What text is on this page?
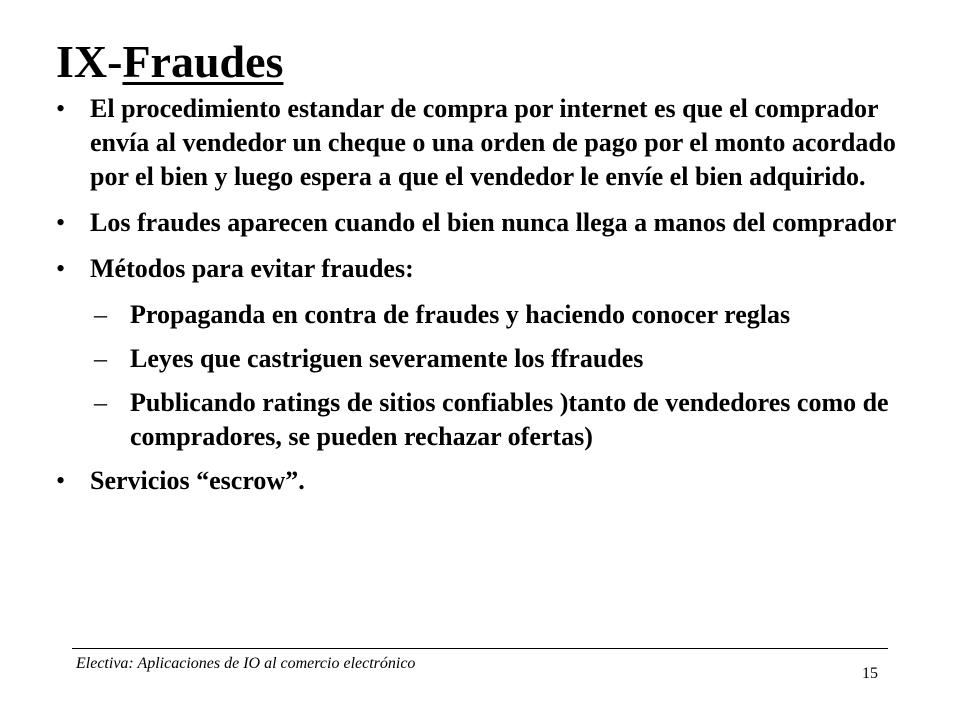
IX-Fraudes
• El procedimiento estandar de compra por internet es que el comprador envía al vendedor un cheque o una orden de pago por el monto acordado por el bien y luego espera a que el vendedor le envíe el bien adquirido.
• Los fraudes aparecen cuando el bien nunca llega a manos del comprador
• Métodos para evitar fraudes:
– Propaganda en contra de fraudes y haciendo conocer reglas
– Leyes que castriguen severamente los ffraudes
– Publicando ratings de sitios confiables )tanto de vendedores como de compradores, se pueden rechazar ofertas)
• Servicios “escrow”.
Electiva: Aplicaciones de IO al comercio electrónico
15
